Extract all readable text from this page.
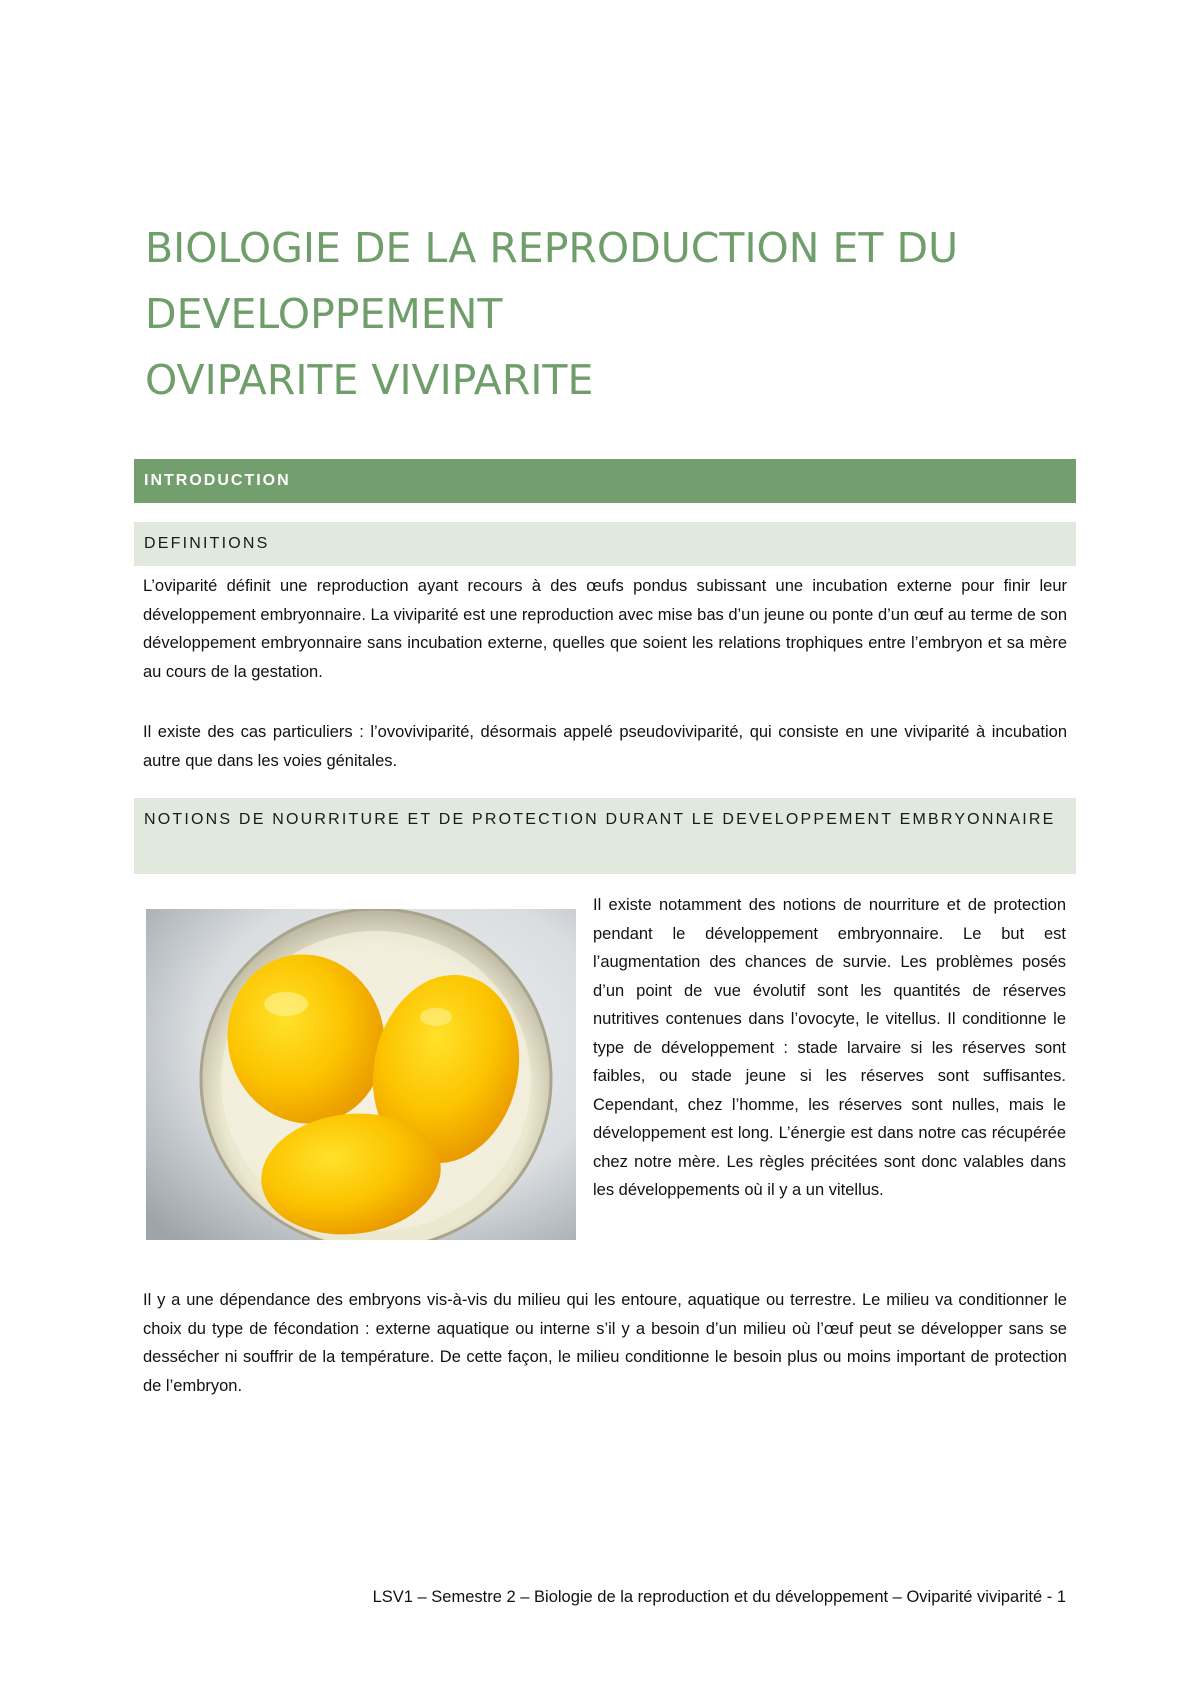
BIOLOGIE DE LA REPRODUCTION ET DU
DEVELOPPEMENT
OVIPARITE VIVIPARITE
INTRODUCTION
DEFINITIONS

L’oviparité définit une reproduction ayant recours à des œufs pondus subissant une incubation externe pour finir leur développement embryonnaire. La viviparité est une reproduction avec mise bas d’un jeune ou ponte d’un œuf au terme de son développement embryonnaire sans incubation externe, quelles que soient les relations trophiques entre l’embryon et sa mère au cours de la gestation.

Il existe des cas particuliers : l’ovoviviparité, désormais appelé pseudoviviparité, qui consiste en une viviparité à incubation autre que dans les voies génitales.

NOTIONS DE NOURRITURE ET DE PROTECTION DURANT LE DEVELOPPEMENT EMBRYONNAIRE

Il existe notamment des notions de nourriture et de protection pendant le développement embryonnaire. Le but est l’augmentation des chances de survie. Les problèmes posés d’un point de vue évolutif sont les quantités de réserves nutritives contenues dans l’ovocyte, le vitellus. Il conditionne le type de développement : stade larvaire si les réserves sont faibles, ou stade jeune si les réserves sont suffisantes. Cependant, chez l’homme, les réserves sont nulles, mais le développement est long. L’énergie est dans notre cas récupérée chez notre mère. Les règles précitées sont donc valables dans les développements où il y a un vitellus.

Il y a une dépendance des embryons vis-à-vis du milieu qui les entoure, aquatique ou terrestre. Le milieu va conditionner le choix du type de fécondation : externe aquatique ou interne s’il y a besoin d’un milieu où l’œuf peut se développer sans se dessécher ni souffrir de la température. De cette façon, le milieu conditionne le besoin plus ou moins important de protection de l’embryon.

LSV1 – Semestre 2 – Biologie de la reproduction et du développement – Oviparité viviparité - 1
